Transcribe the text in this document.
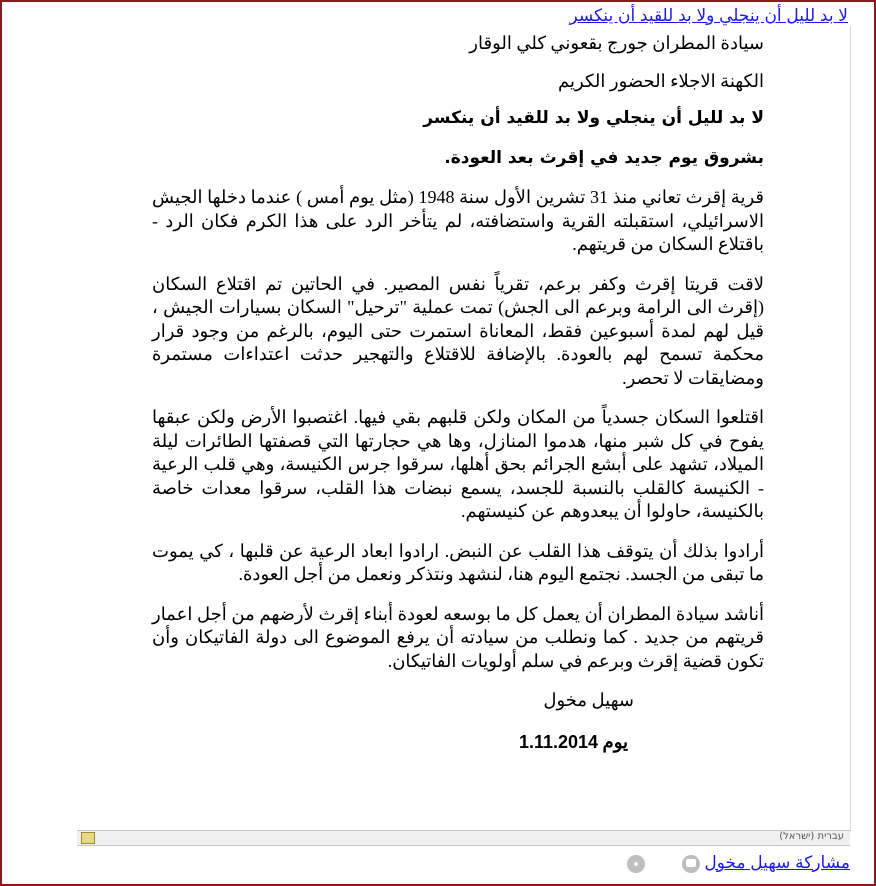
لا بد لليل أن ينجلي ولا بد للقيد أن ينكسر

سيادة المطران جورج بقعوني كلي الوقار

الكهنة الاجلاء الحضور الكريم

لا بد لليل أن ينجلي ولا بد للقيد أن ينكسر

بشروق يوم جديد في إقرث بعد العودة.

قرية إقرث تعاني منذ 31 تشرين الأول سنة 1948 (مثل يوم أمس ) عندما دخلها الجيش الاسرائيلي، استقبلته القرية واستضافته، لم يتأخر الرد على هذا الكرم فكان الرد - باقتلاع السكان من قريتهم.

لاقت قريتا إقرث وكفر برعم، تقرياً نفس المصير. في الحاتين تم اقتلاع السكان (إقرث الى الرامة وبرعم الى الجش) تمت عملية "ترحيل" السكان بسيارات الجيش ، قيل لهم لمدة أسبوعين فقط، المعاناة استمرت حتى اليوم، بالرغم من وجود قرار محكمة تسمح لهم بالعودة. بالإضافة للاقتلاع والتهجير حدثت اعتداءات مستمرة ومضايقات لا تحصر.

اقتلعوا السكان جسدياً من المكان ولكن قلبهم بقي فيها. اغتصبوا الأرض ولكن عبقها يفوح في كل شبر منها، هدموا المنازل، وها هي حجارتها التي قصفتها الطائرات ليلة الميلاد، تشهد على أبشع الجرائم بحق أهلها، سرقوا جرس الكنيسة، وهي قلب الرعية - الكنيسة كالقلب بالنسبة للجسد، يسمع نبضات هذا القلب، سرقوا معدات خاصة بالكنيسة، حاولوا أن يبعدوهم عن كنيستهم.

أرادوا بذلك أن يتوقف هذا القلب عن النبض. ارادوا ابعاد الرعية عن قلبها ، كي يموت ما تبقى من الجسد. نجتمع اليوم هنا، لنشهد ونتذكر ونعمل من أجل العودة.

أناشد سيادة المطران أن يعمل كل ما بوسعه لعودة أبناء إقرث لأرضهم من أجل اعمار قريتهم من جديد . كما ونطلب من سيادته أن يرفع الموضوع الى دولة الفاتيكان وأن تكون قضية إقرث وبرعم في سلم أولويات الفاتيكان.

سهيل مخول

يوم 1.11.2014

עברית (ישראל)
مشاركة سهيل مخول
